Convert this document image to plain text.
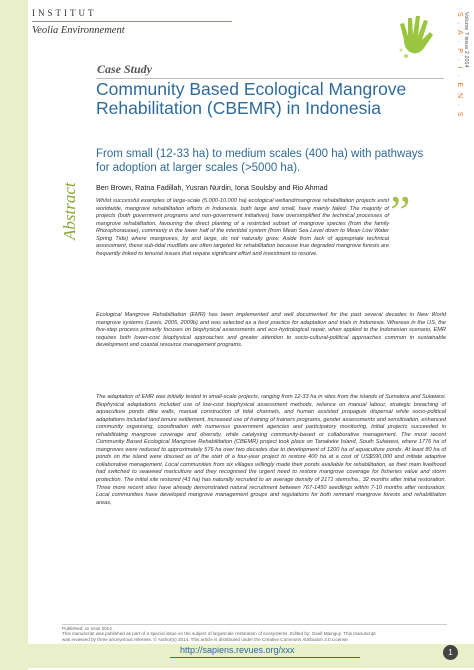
INSTITUT
Veolia Environnement	S . A . P . I . E N . S Volume 7 issue 2 2014
Case Study
Community Based Ecological Mangrove Rehabilitation (CBEMR) in Indonesia
From small (12-33 ha) to medium scales (400 ha) with pathways for adoption at larger scales (>5000 ha).
Ben Brown, Ratna Fadillah, Yusran Nurdin, Iona Soulsby and Rio Ahmad
Abstract	”
Whilst successful examples of large-scale (5.000-10.000 ha) ecological wetland/mangrove rehabilitation projects exist worldwide, mangrove rehabilitation efforts in Indonesia, both large and small, have mainly failed. The majority of projects (both government programs and non-government initiatives) have oversimplified the technical processes of mangrove rehabilitation, favouring the direct planting of a restricted subset of mangrove species (from the family Rhizophoraceae), commonly in the lower half of the intertidal system (from Mean Sea Level down to Mean Low Water Spring Tide) where mangroves, by and large, do not naturally grow. Aside from lack of appropriate technical assessment, these sub-tidal mudflats are often targeted for rehabilitation because true degraded mangrove forests are frequently linked to tenurial issues that require significant effort and investment to resolve.
Ecological Mangrove Rehabilitation (EMR) has been implemented and well documented for the past several decades in New World mangrove systems (Lewis, 2005, 2009b) and was selected as a best practice for adaptation and trials in Indonesia. Whereas in the US, the five-step process primarily focuses on biophysical assessments and eco-hydrological repair, when applied to the Indonesian scenario, EMR requires both lower-cost biophysical approaches and greater attention to socio-cultural-political approaches common in sustainable development and coastal resource management programs.
The adaptation of EMR was initially tested in small-scale projects, ranging from 12-33 ha in sites from the islands of Sumatera and Sulawesi. Biophysical adaptations included use of low-cost biophysical assessment methods, reliance on manual labour, strategic breaching of aquaculture ponds dike walls, manual construction of tidal channels, and human assisted propagule dispersal while socio-political adaptations included land tenure settlement, increased use of training of trainers programs, gender assessments and sensitisation, enhanced community organising, coordination with numerous government agencies and participatory monitoring. Initial projects succeeded in rehabilitating mangrove coverage and diversity, while catalysing community-based or collaborative management. The most recent Community Based Ecological Mangrove Rehabilitation (CBEMR) project took place on Tanakeke Island, South Sulawesi, where 1776 ha of mangroves were reduced to approximately 576 ha over two decades due to development of 1200 ha of aquaculture ponds. At least 80 ha of ponds on the island were disused as of the start of a four-year project to restore 400 ha at a cost of US$590,000 and initiate adaptive collaborative management. Local communities from six villages willingly made their ponds available for rehabilitation, as their main livelihood had switched to seaweed mariculture and they recognised the urgent need to restore mangrove coverage for fisheries value and storm protection. The initial site restored (43 ha) has naturally recruited to an average density of 2171 stems/ha., 32 months after initial restoration. Three more recent sites have already demonstrated natural recruitment between 767-1450 seedlings within 7-10 months after restoration. Local communities have developed mangrove management groups and regulations for both remnant mangrove forests and rehabilitation areas,
Published: xx mois 2014
This manuscript was published as part of a special issue on the subject of largescale restoration of ecosystems. Edited by: Gaell Mainguy. This manuscript
was reviewed by three anonymous referees. © Author(s) 2014. This article is distributed under the Creative Commons Attribution 3.0 License.
http://sapiens.revues.org/xxx	1
